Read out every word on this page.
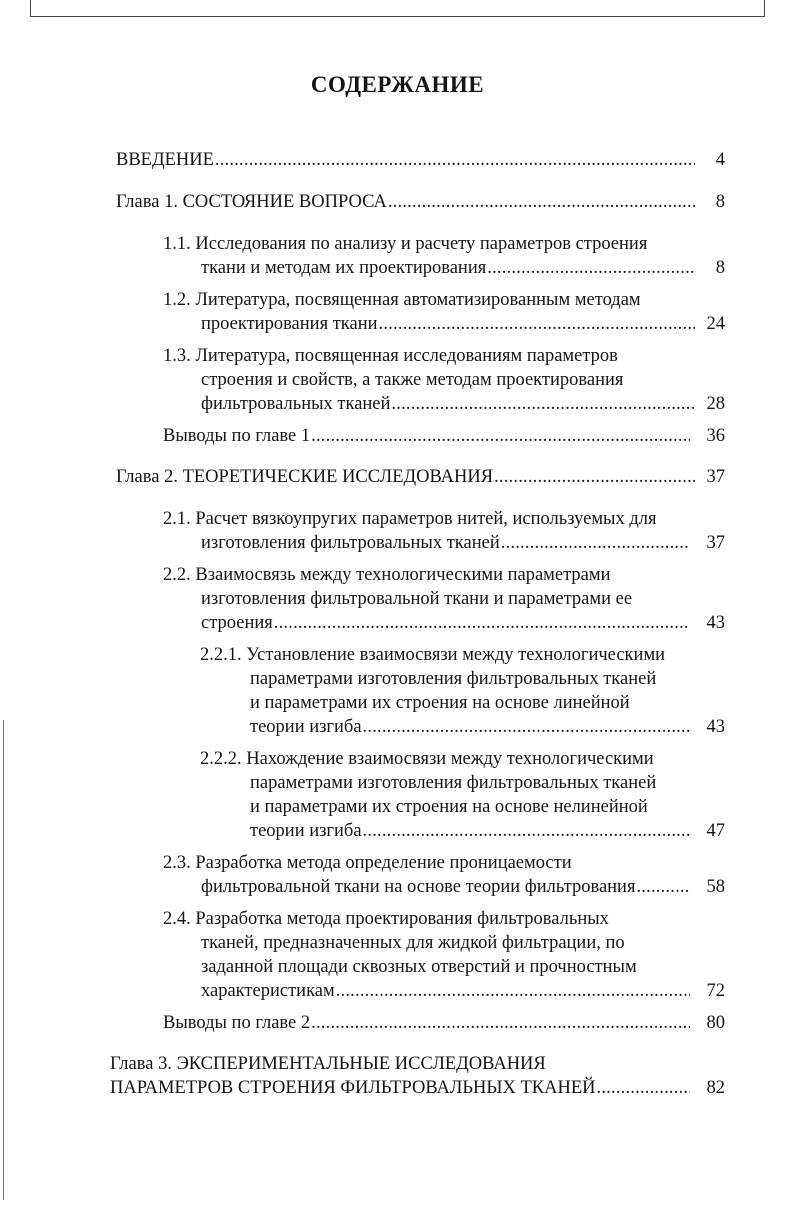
СОДЕРЖАНИЕ
ВВЕДЕНИЕ .....	4
Глава 1. СОСТОЯНИЕ ВОПРОСА .....	8
1.1. Исследования по анализу и расчету параметров строения
ткани и методам их проектирования .....	8
1.2. Литература, посвященная автоматизированным методам
проектирования ткани .....	24
1.3. Литература, посвященная исследованиям параметров
строения и свойств, а также методам проектирования
фильтровальных тканей .....	28
Выводы по главе 1 .....	36
Глава 2. ТЕОРЕТИЧЕСКИЕ ИССЛЕДОВАНИЯ .....	37
2.1. Расчет вязкоупругих параметров нитей, используемых для
изготовления фильтровальных тканей .....	37
2.2. Взаимосвязь между технологическими параметрами
изготовления фильтровальной ткани и параметрами ее
строения .....	43
2.2.1. Установление взаимосвязи между технологическими
параметрами изготовления фильтровальных тканей
и параметрами их строения на основе линейной
теории изгиба .....	43
2.2.2. Нахождение взаимосвязи между технологическими
параметрами изготовления фильтровальных тканей
и параметрами их строения на основе нелинейной
теории изгиба .....	47
2.3. Разработка метода определение проницаемости
фильтровальной ткани на основе теории фильтрования .....	58
2.4. Разработка метода проектирования фильтровальных
тканей, предназначенных для жидкой фильтрации, по
заданной площади сквозных отверстий и прочностным
характеристикам .....	72
Выводы по главе 2 .....	80
Глава 3. ЭКСПЕРИМЕНТАЛЬНЫЕ ИССЛЕДОВАНИЯ
ПАРАМЕТРОВ СТРОЕНИЯ ФИЛЬТРОВАЛЬНЫХ ТКАНЕЙ .....	82
